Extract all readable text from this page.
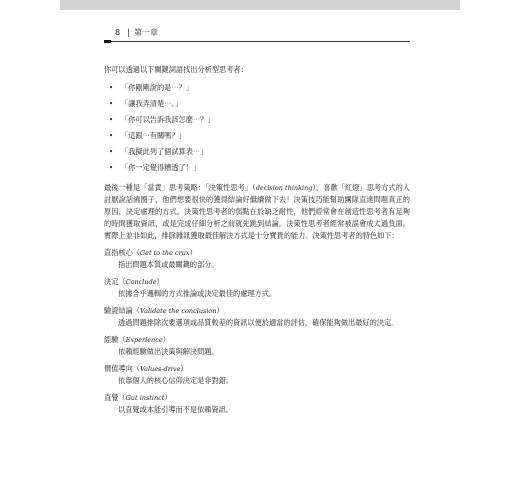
8 | 第一章

你可以透過以下關鍵詞語找出分析型思考者：

• 「你剛剛說的是⋯？」
• 「讓我弄清楚⋯。」
• 「你可以告訴我該怎麼⋯？」
• 「這跟⋯有關嗎？」
• 「我擬此列了個試算表⋯」
• 「你一定覺得糟透了！」

最後一種是「當責」思考策略：「決策性思考」（decision thinking），喜歡「紅燈」思考方式的人討厭說話繞圈子，他們想要很快的獲得結論好繼續做下去！決策技巧能幫助團隊直達問題真正的原因，決定處理的方式。決策性思考者的弱點在於缺乏耐性，他們經常會在創造性思考者有足夠的時間獲取資訊，或是完成仔細分析之前就先跳到結論。決策性思考者經常被誤會成太過負面。實際上並非如此，排除雜訊獲取最佳解決方式是十分寶貴的能力。決策性思考者的特色如下：

直指核心（Get to the crux）
指出問題本質或最關鍵的部分。
決定（Conclude）
依據合乎邏輯的方式推論或決定最佳的處理方式。
驗證結論（Validate the conclusion）
透過問題排除次要選項或品質較差的資訊以便於適當的評估，確保能夠做出最好的決定。
經驗（Experience）
依賴經驗做出決策與解決問題。
價值導向（Values-drive）
依靠個人的核心信仰決定是非對錯。
直覺（Gut instinct）
以直覺或本能引導而不是依賴資訊。
